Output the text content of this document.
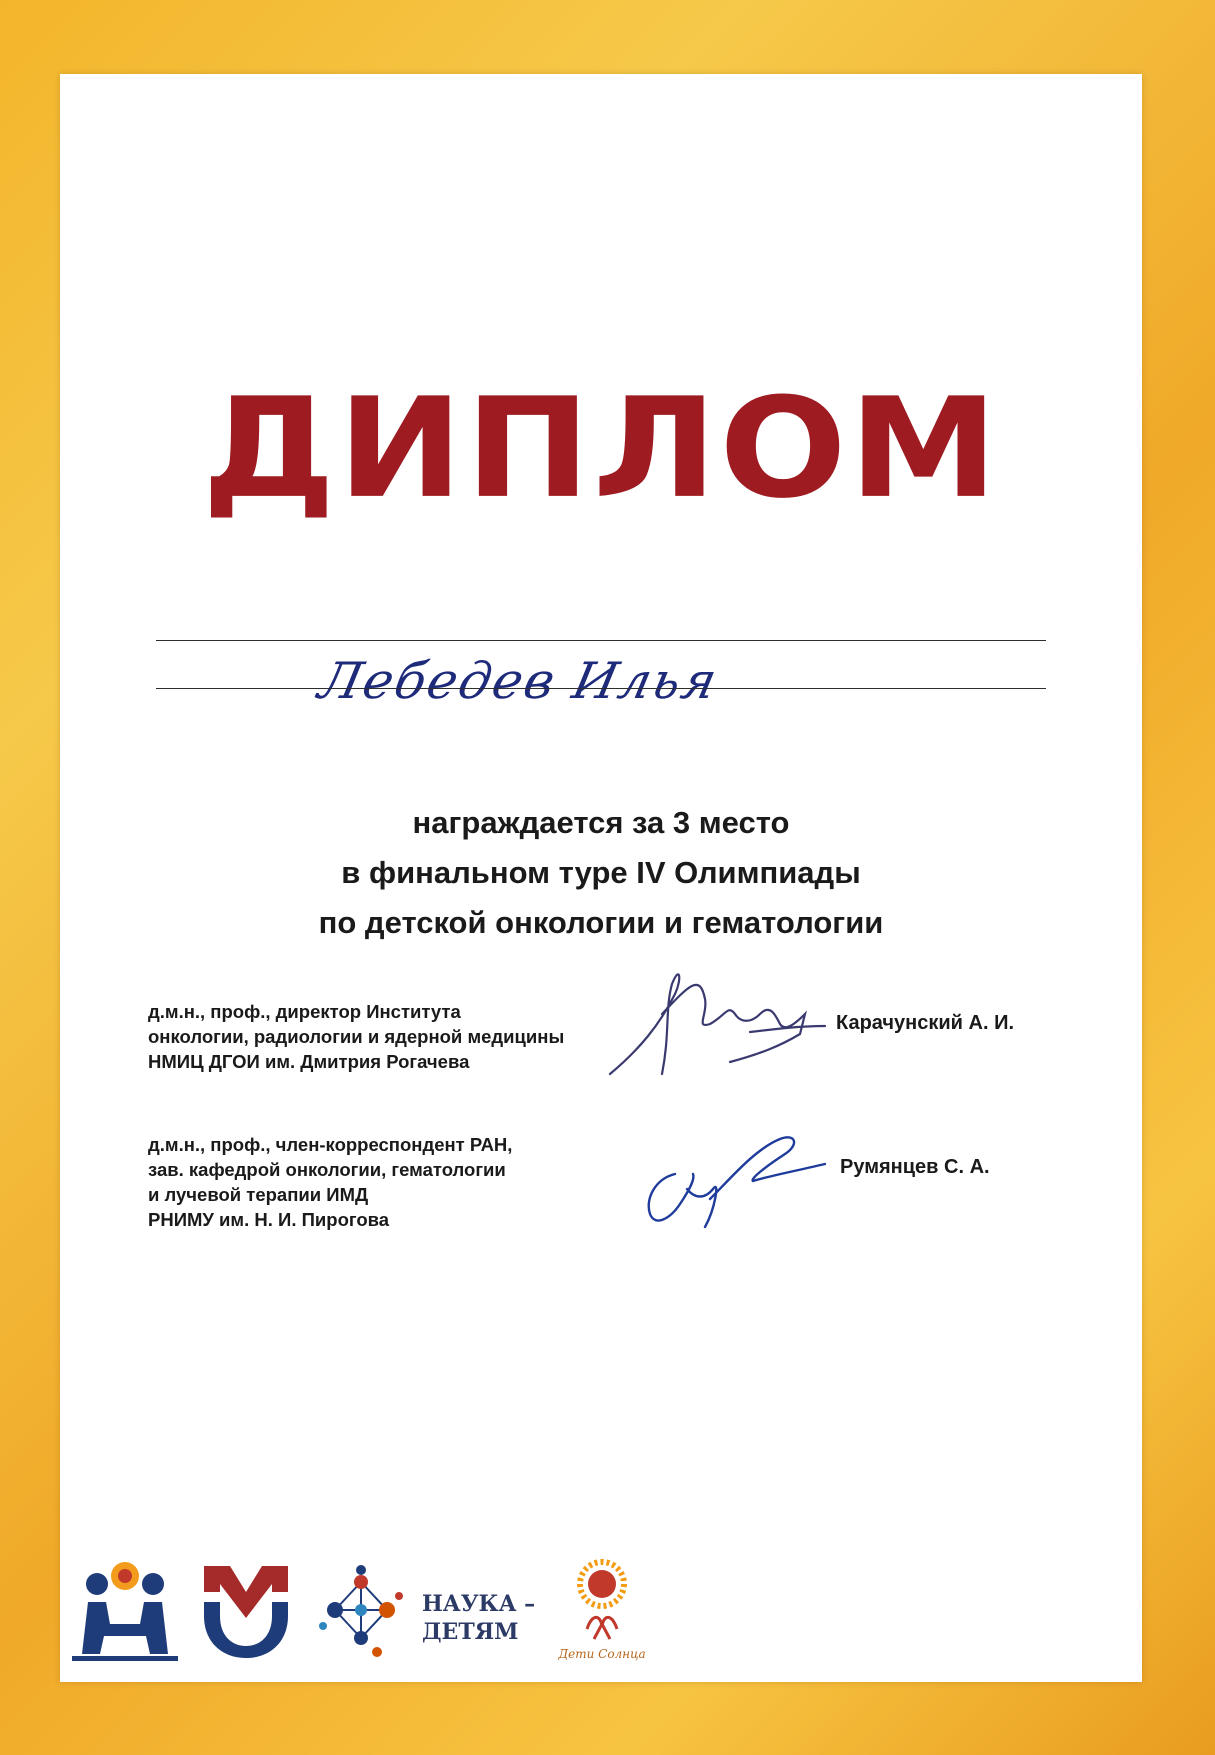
ДИПЛОМ
Лебедев Илья
награждается за 3 место
в финальном туре IV Олимпиады
по детской онкологии и гематологии
д.м.н., проф., директор Института
онкологии, радиологии и ядерной медицины
НМИЦ ДГОИ им. Дмитрия Рогачева
Карачунский А. И.
д.м.н., проф., член-корреспондент РАН,
зав. кафедрой онкологии, гематологии
и лучевой терапии ИМД
РНИМУ им. Н. И. Пирогова
Румянцев С. А.
НАУКА –
ДЕТЯМ
Дети Солнца
